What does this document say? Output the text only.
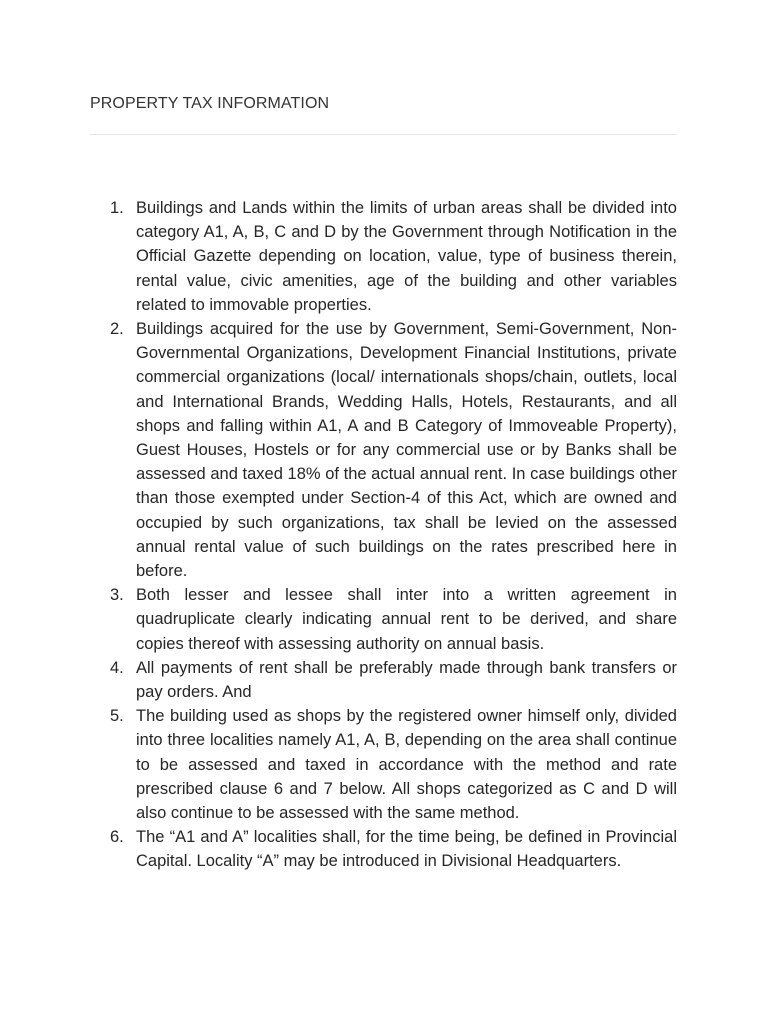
PROPERTY TAX INFORMATION
1. Buildings and Lands within the limits of urban areas shall be divided into category A1, A, B, C and D by the Government through Notification in the Official Gazette depending on location, value, type of business therein, rental value, civic amenities, age of the building and other variables related to immovable properties.
2. Buildings acquired for the use by Government, Semi-Government, Non-Governmental Organizations, Development Financial Institutions, private commercial organizations (local/ internationals shops/chain, outlets, local and International Brands, Wedding Halls, Hotels, Restaurants, and all shops and falling within A1, A and B Category of Immoveable Property), Guest Houses, Hostels or for any commercial use or by Banks shall be assessed and taxed 18% of the actual annual rent. In case buildings other than those exempted under Section-4 of this Act, which are owned and occupied by such organizations, tax shall be levied on the assessed annual rental value of such buildings on the rates prescribed here in before.
3. Both lesser and lessee shall inter into a written agreement in quadruplicate clearly indicating annual rent to be derived, and share copies thereof with assessing authority on annual basis.
4. All payments of rent shall be preferably made through bank transfers or pay orders. And
5. The building used as shops by the registered owner himself only, divided into three localities namely A1, A, B, depending on the area shall continue to be assessed and taxed in accordance with the method and rate prescribed clause 6 and 7 below. All shops categorized as C and D will also continue to be assessed with the same method.
6. The “A1 and A” localities shall, for the time being, be defined in Provincial Capital. Locality “A” may be introduced in Divisional Headquarters.
